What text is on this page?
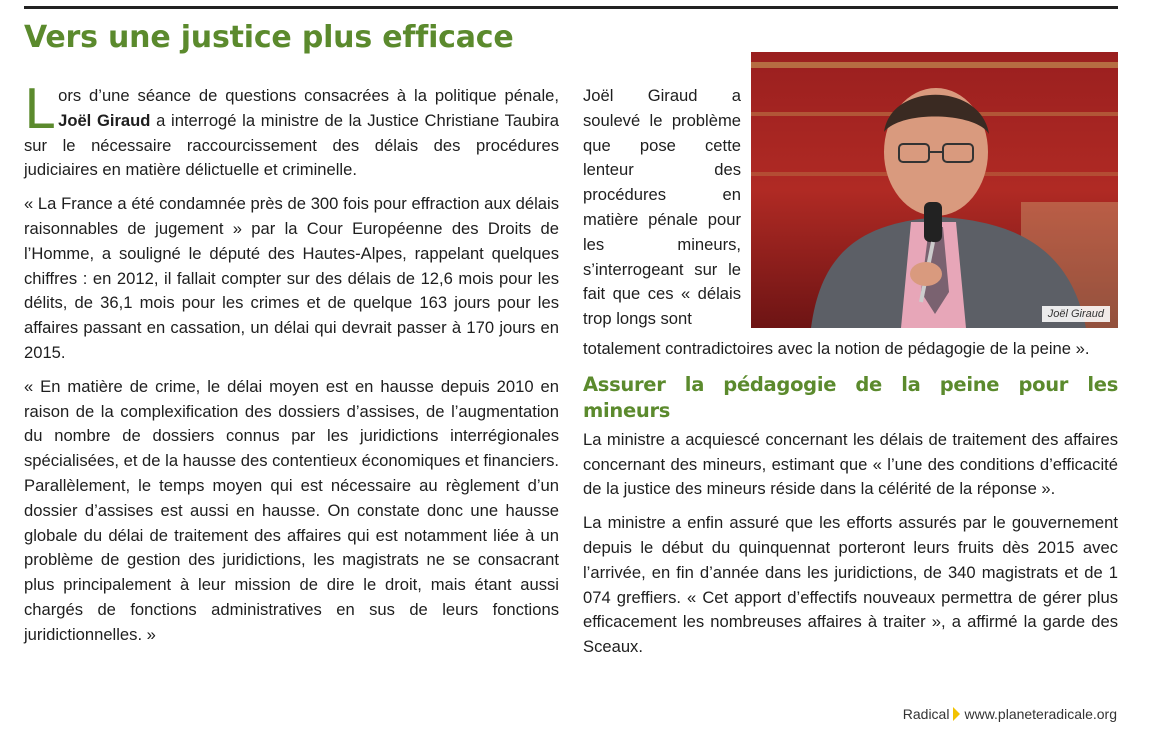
Vers une justice plus efficace

Lors d’une séance de questions consacrées à la politique pénale, Joël Giraud a interrogé la ministre de la Justice Christiane Taubira sur le nécessaire raccourcissement des délais des procédures judiciaires en matière délictuelle et criminelle.

« La France a été condamnée près de 300 fois pour effraction aux délais raisonnables de jugement » par la Cour Européenne des Droits de l’Homme, a souligné le député des Hautes-Alpes, rappelant quelques chiffres : en 2012, il fallait compter sur des délais de 12,6 mois pour les délits, de 36,1 mois pour les crimes et de quelque 163 jours pour les affaires passant en cassation, un délai qui devrait passer à 170 jours en 2015.

« En matière de crime, le délai moyen est en hausse depuis 2010 en raison de la complexification des dossiers d’assises, de l’augmentation du nombre de dossiers connus par les juridictions interrégionales spécialisées, et de la hausse des contentieux économiques et financiers. Parallèlement, le temps moyen qui est nécessaire au règlement d’un dossier d’assises est aussi en hausse. On constate donc une hausse globale du délai de traitement des affaires qui est notamment liée à un problème de gestion des juridictions, les magistrats ne se consacrant plus principalement à leur mission de dire le droit, mais étant aussi chargés de fonctions administratives en sus de leurs fonctions juridictionnelles. »

Joël Giraud a soulevé le problème que pose cette lenteur des procédures en matière pénale pour les mineurs, s’interrogeant sur le fait que ces « délais trop longs sont	Joël Giraud

totalement contradictoires avec la notion de pédagogie de la peine ».

Assurer la pédagogie de la peine pour les mineurs

La ministre a acquiescé concernant les délais de traitement des affaires concernant des mineurs, estimant que « l’une des conditions d’efficacité de la justice des mineurs réside dans la célérité de la réponse ».

La ministre a enfin assuré que les efforts assurés par le gouvernement depuis le début du quinquennat porteront leurs fruits dès 2015 avec l’arrivée, en fin d’année dans les juridictions, de 340 magistrats et de 1 074 greffiers. « Cet apport d’effectifs nouveaux permettra de gérer plus efficacement les nombreuses affaires à traiter », a affirmé la garde des Sceaux.

Radical www.planeteradicale.org
